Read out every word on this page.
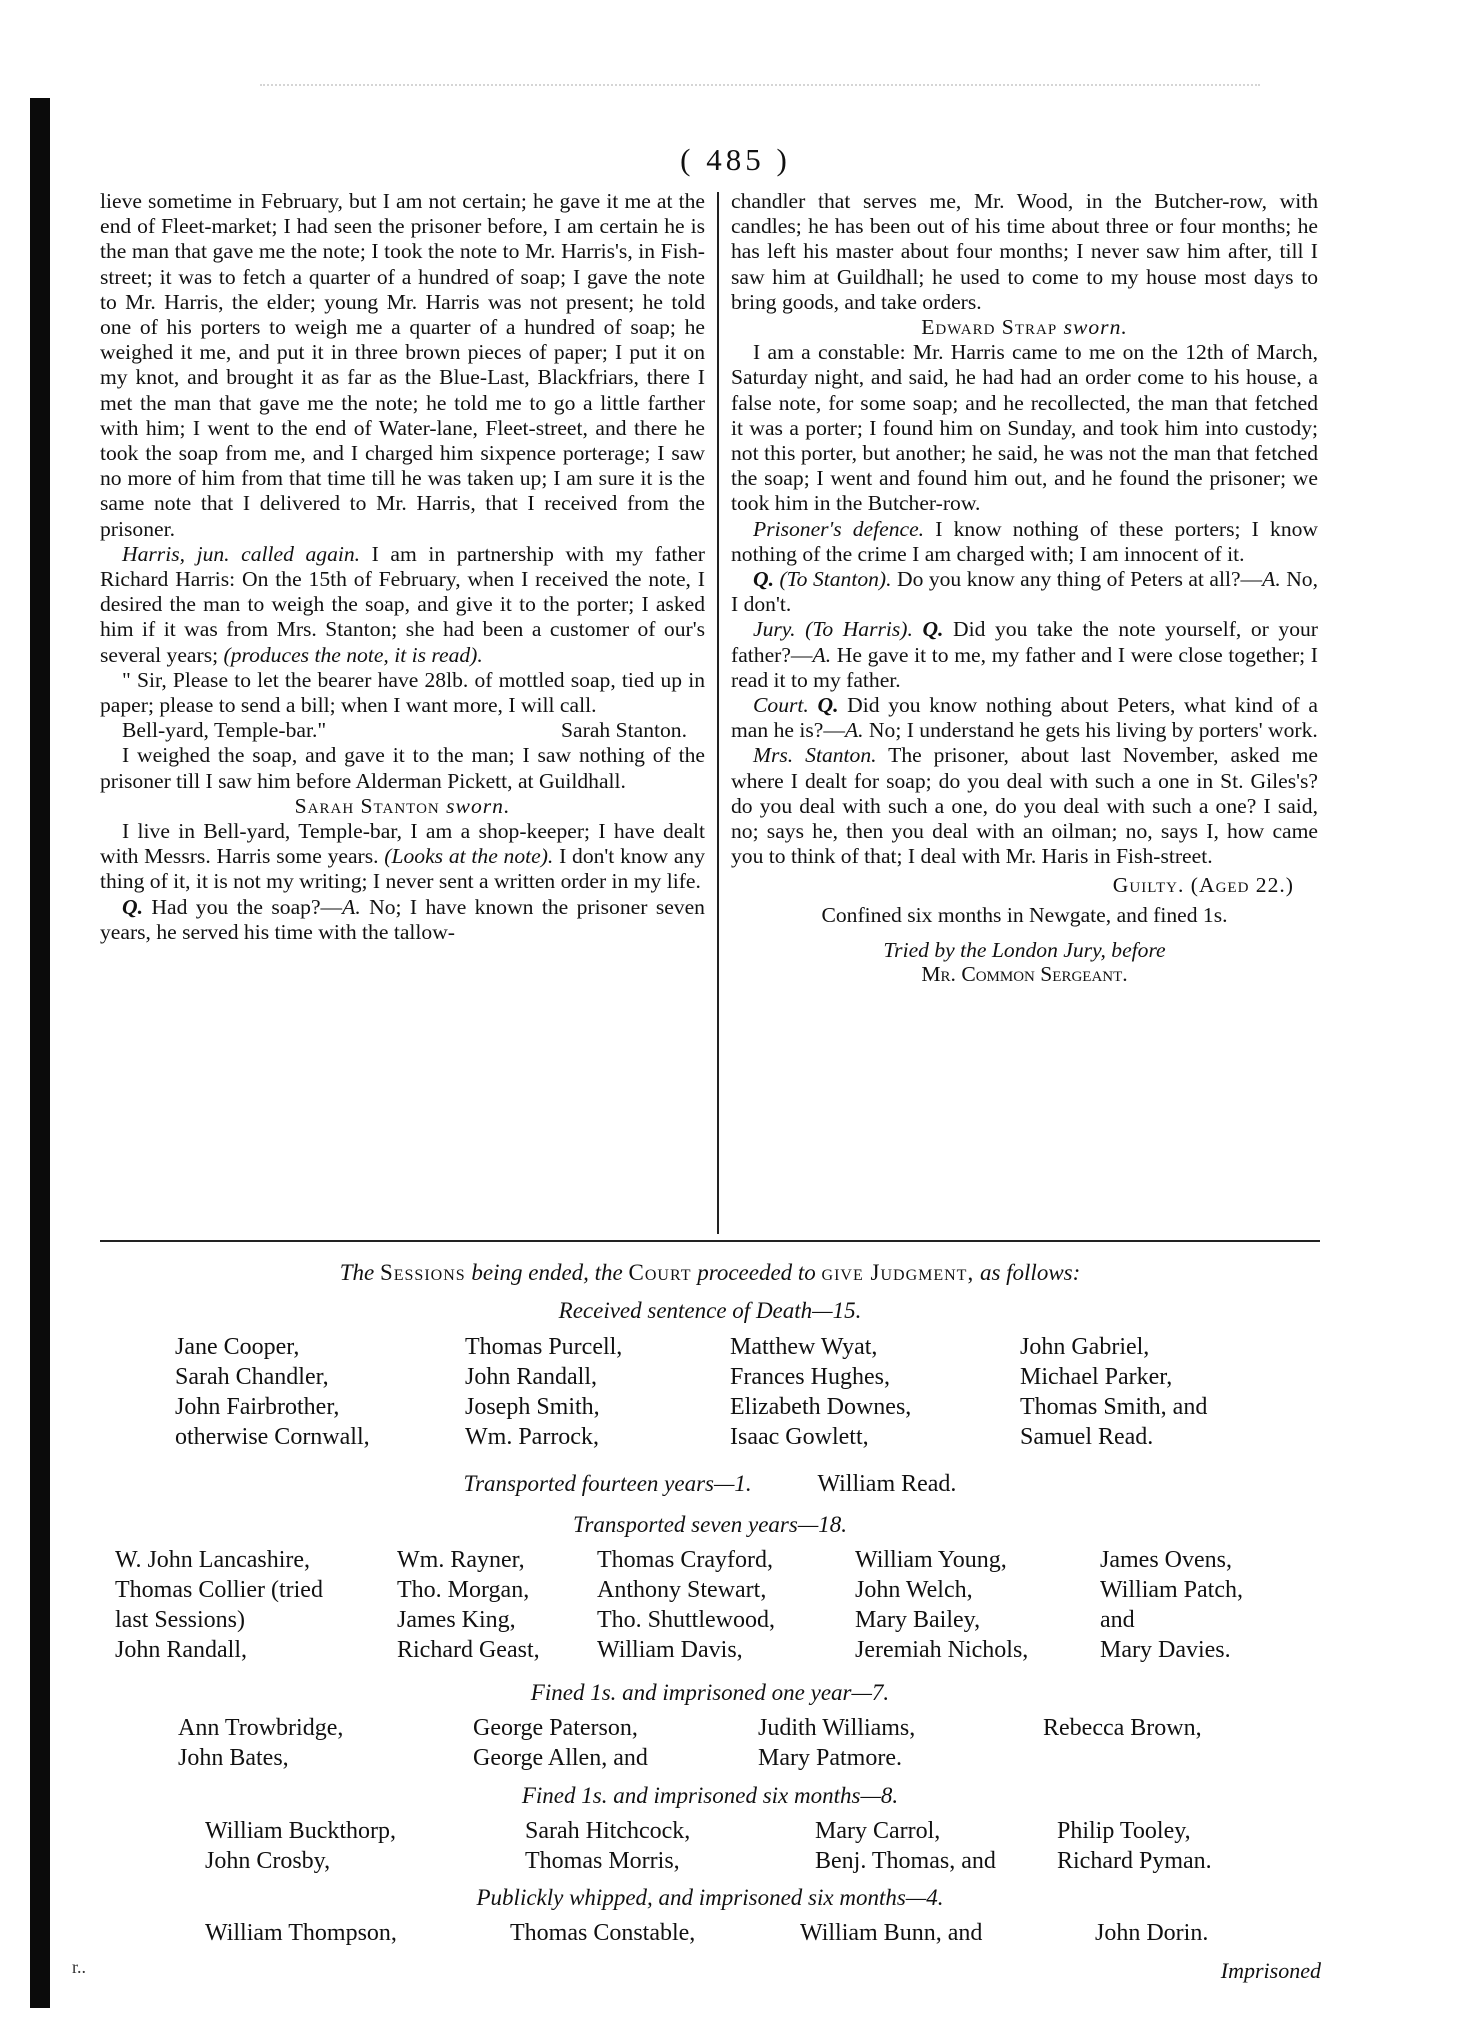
( 485 )

lieve sometime in February, but I am not certain; he gave it me at the end of Fleet-market; I had seen the prisoner before, I am certain he is the man that gave me the note; I took the note to Mr. Harris's, in Fish-street; it was to fetch a quarter of a hundred of soap; I gave the note to Mr. Harris, the elder; young Mr. Harris was not present; he told one of his porters to weigh me a quarter of a hundred of soap; he weighed it me, and put it in three brown pieces of paper; I put it on my knot, and brought it as far as the Blue-Last, Blackfriars, there I met the man that gave me the note; he told me to go a little farther with him; I went to the end of Water-lane, Fleet-street, and there he took the soap from me, and I charged him sixpence porterage; I saw no more of him from that time till he was taken up; I am sure it is the same note that I delivered to Mr. Harris, that I received from the prisoner.

Harris, jun. called again. I am in partnership with my father Richard Harris: On the 15th of February, when I received the note, I desired the man to weigh the soap, and give it to the porter; I asked him if it was from Mrs. Stanton; she had been a customer of our's several years; (produces the note, it is read).

" Sir, Please to let the bearer have 28lb. of mottled soap, tied up in paper; please to send a bill; when I want more, I will call.
Sarah Stanton.

Bell-yard, Temple-bar."

I weighed the soap, and gave it to the man; I saw nothing of the prisoner till I saw him before Alderman Pickett, at Guildhall.

Sarah Stanton sworn.

I live in Bell-yard, Temple-bar, I am a shop-keeper; I have dealt with Messrs. Harris some years. (Looks at the note). I don't know any thing of it, it is not my writing; I never sent a written order in my life.

Q. Had you the soap?—A. No; I have known the prisoner seven years, he served his time with the tallow-

chandler that serves me, Mr. Wood, in the Butcher-row, with candles; he has been out of his time about three or four months; he has left his master about four months; I never saw him after, till I saw him at Guildhall; he used to come to my house most days to bring goods, and take orders.

Edward Strap sworn.

I am a constable: Mr. Harris came to me on the 12th of March, Saturday night, and said, he had had an order come to his house, a false note, for some soap; and he recollected, the man that fetched it was a porter; I found him on Sunday, and took him into custody; not this porter, but another; he said, he was not the man that fetched the soap; I went and found him out, and he found the prisoner; we took him in the Butcher-row.

Prisoner's defence. I know nothing of these porters; I know nothing of the crime I am charged with; I am innocent of it.

Q. (To Stanton). Do you know any thing of Peters at all?—A. No, I don't.

Jury. (To Harris). Q. Did you take the note yourself, or your father?—A. He gave it to me, my father and I were close together; I read it to my father.

Court. Q. Did you know nothing about Peters, what kind of a man he is?—A. No; I understand he gets his living by porters' work.

Mrs. Stanton. The prisoner, about last November, asked me where I dealt for soap; do you deal with such a one in St. Giles's? do you deal with such a one, do you deal with such a one? I said, no; says he, then you deal with an oilman; no, says I, how came you to think of that; I deal with Mr. Haris in Fish-street.

Guilty. (Aged 22.)

Confined six months in Newgate, and fined 1s.

Tried by the London Jury, before
Mr. Common Sergeant.

The Sessions being ended, the Court proceeded to give Judgment, as follows:
Received sentence of Death—15.
Jane Cooper,	Thomas Purcell,	Matthew Wyat,	John Gabriel,
Sarah Chandler,	John Randall,	Frances Hughes,	Michael Parker,
John Fairbrother,	Joseph Smith,	Elizabeth Downes,	Thomas Smith, and
otherwise Cornwall,	Wm. Parrock,	Isaac Gowlett,	Samuel Read.
Transported fourteen years—1.	William Read.
Transported seven years—18.
W. John Lancashire,	Wm. Rayner,	Thomas Crayford,	William Young,	James Ovens,
Thomas Collier (tried	Tho. Morgan,	Anthony Stewart,	John Welch,	William Patch,
last Sessions)	James King,	Tho. Shuttlewood,	Mary Bailey,	and
John Randall,	Richard Geast,	William Davis,	Jeremiah Nichols,	Mary Davies.
Fined 1s. and imprisoned one year—7.
Ann Trowbridge,	George Paterson,	Judith Williams,	Rebecca Brown,
John Bates,	George Allen, and	Mary Patmore.
Fined 1s. and imprisoned six months—8.
William Buckthorp,	Sarah Hitchcock,	Mary Carrol,	Philip Tooley,
John Crosby,	Thomas Morris,	Benj. Thomas, and	Richard Pyman.
Publickly whipped, and imprisoned six months—4.
William Thompson,	Thomas Constable,	William Bunn, and	John Dorin.
Imprisoned
r..
